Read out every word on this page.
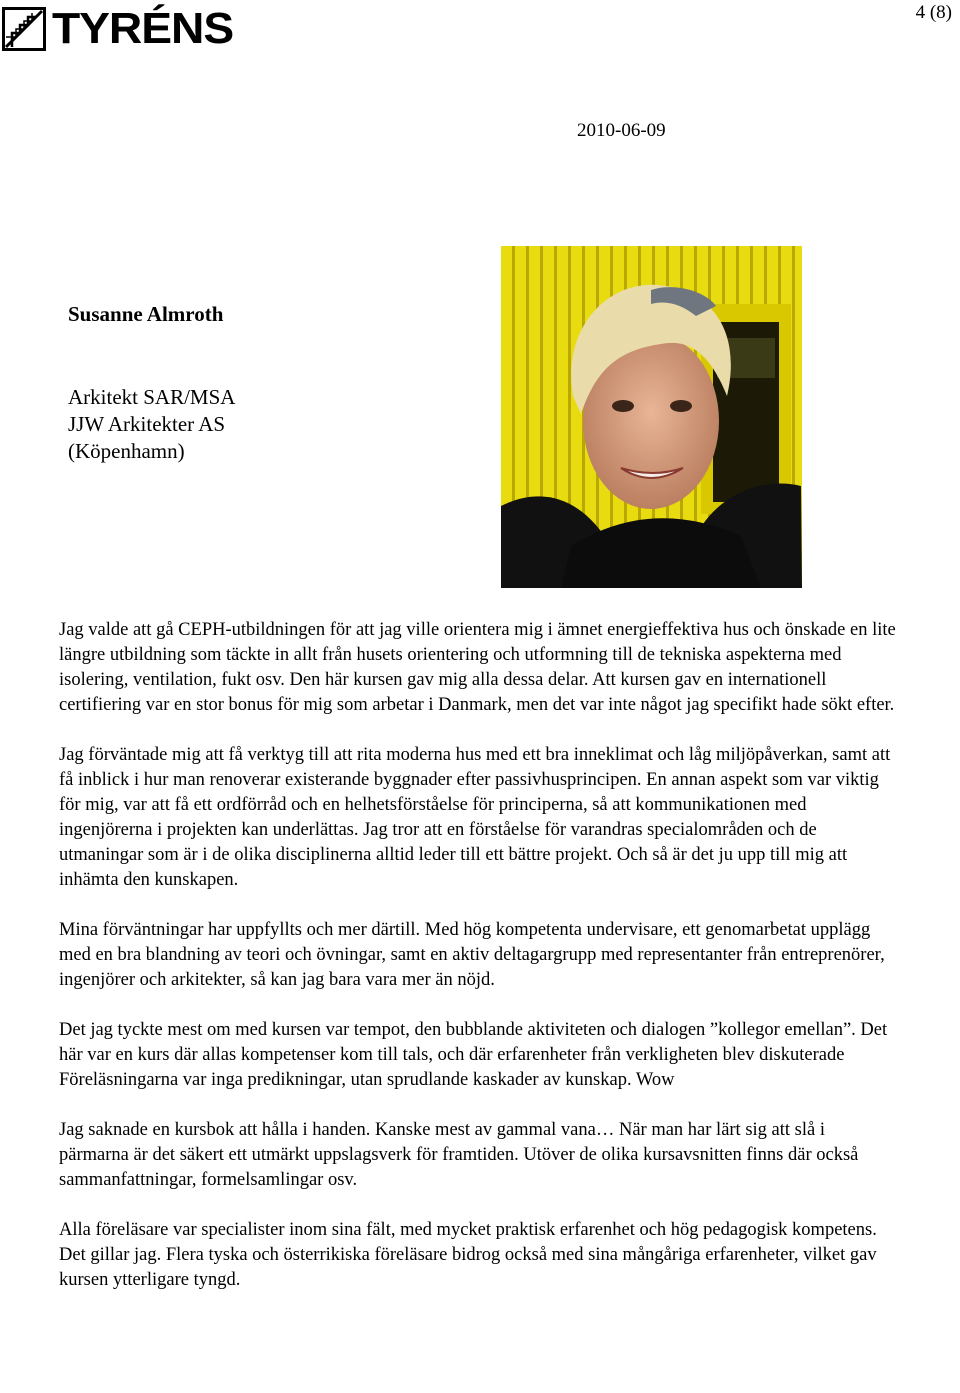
TYRÉNS	4 (8)
2010-06-09
Susanne Almroth
Arkitekt SAR/MSA
JJW Arkitekter AS
(Köpenhamn)

Jag valde att gå CEPH-utbildningen för att jag ville orientera mig i ämnet energieffektiva hus och önskade en lite längre utbildning som täckte in allt från husets orientering och utformning till de tekniska aspekterna med isolering, ventilation, fukt osv. Den här kursen gav mig alla dessa delar. Att kursen gav en internationell certifiering var en stor bonus för mig som arbetar i Danmark, men det var inte något jag specifikt hade sökt efter.

Jag förväntade mig att få verktyg till att rita moderna hus med ett bra inneklimat och låg miljöpåverkan, samt att få inblick i hur man renoverar existerande byggnader efter passivhusprincipen. En annan aspekt som var viktig för mig, var att få ett ordförråd och en helhetsförståelse för principerna, så att kommunikationen med ingenjörerna i projekten kan underlättas. Jag tror att en förståelse för varandras specialområden och de utmaningar som är i de olika disciplinerna alltid leder till ett bättre projekt. Och så är det ju upp till mig att inhämta den kunskapen.

Mina förväntningar har uppfyllts och mer därtill. Med hög kompetenta undervisare, ett genomarbetat upplägg med en bra blandning av teori och övningar, samt en aktiv deltagargrupp med representanter från entreprenörer, ingenjörer och arkitekter, så kan jag bara vara mer än nöjd.

Det jag tyckte mest om med kursen var tempot, den bubblande aktiviteten och dialogen ”kollegor emellan”. Det här var en kurs där allas kompetenser kom till tals, och där erfarenheter från verkligheten blev diskuterade Föreläsningarna var inga predikningar, utan sprudlande kaskader av kunskap. Wow

Jag saknade en kursbok att hålla i handen. Kanske mest av gammal vana… När man har lärt sig att slå i pärmarna är det säkert ett utmärkt uppslagsverk för framtiden. Utöver de olika kursavsnitten finns där också sammanfattningar, formelsamlingar osv.

Alla föreläsare var specialister inom sina fält, med mycket praktisk erfarenhet och hög pedagogisk kompetens. Det gillar jag. Flera tyska och österrikiska föreläsare bidrog också med sina mångåriga erfarenheter, vilket gav kursen ytterligare tyngd.
